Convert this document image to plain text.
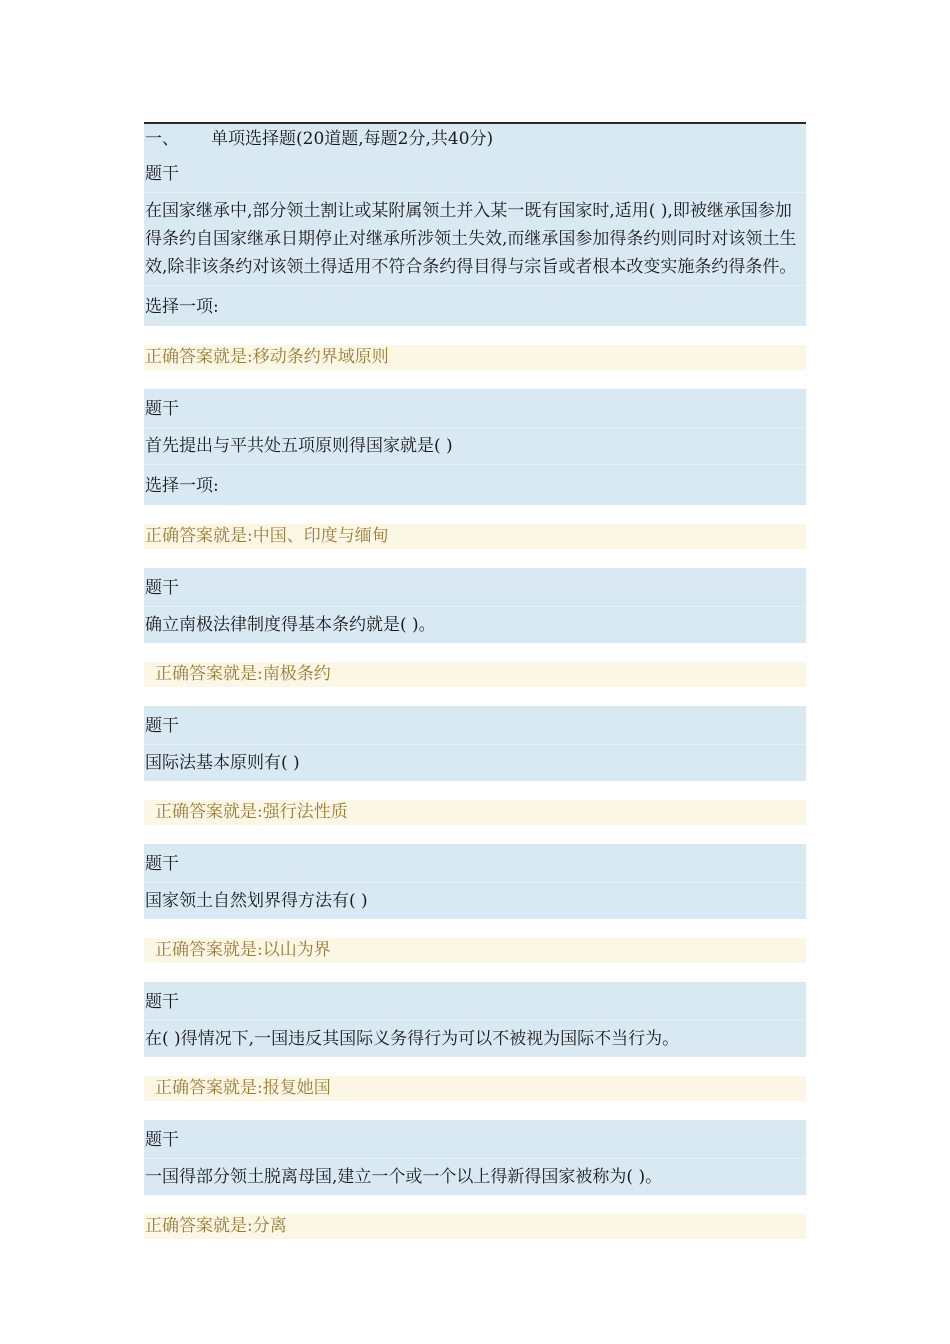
一、	单项选择题(20道题,每题2分,共40分)
题干
在国家继承中,部分领土割让或某附属领土并入某一既有国家时,适用( ),即被继承国参加得条约自国家继承日期停止对继承所涉领土失效,而继承国参加得条约则同时对该领土生效,除非该条约对该领土得适用不符合条约得目得与宗旨或者根本改变实施条约得条件。
选择一项:
正确答案就是:移动条约界域原则
题干
首先提出与平共处五项原则得国家就是( )
选择一项:
正确答案就是:中国、印度与缅甸
题干
确立南极法律制度得基本条约就是( )。
正确答案就是:南极条约
题干
国际法基本原则有( )
正确答案就是:强行法性质
题干
国家领土自然划界得方法有( )
正确答案就是:以山为界
题干
在( )得情况下,一国违反其国际义务得行为可以不被视为国际不当行为。
正确答案就是:报复她国
题干
一国得部分领土脱离母国,建立一个或一个以上得新得国家被称为( )。
正确答案就是:分离
